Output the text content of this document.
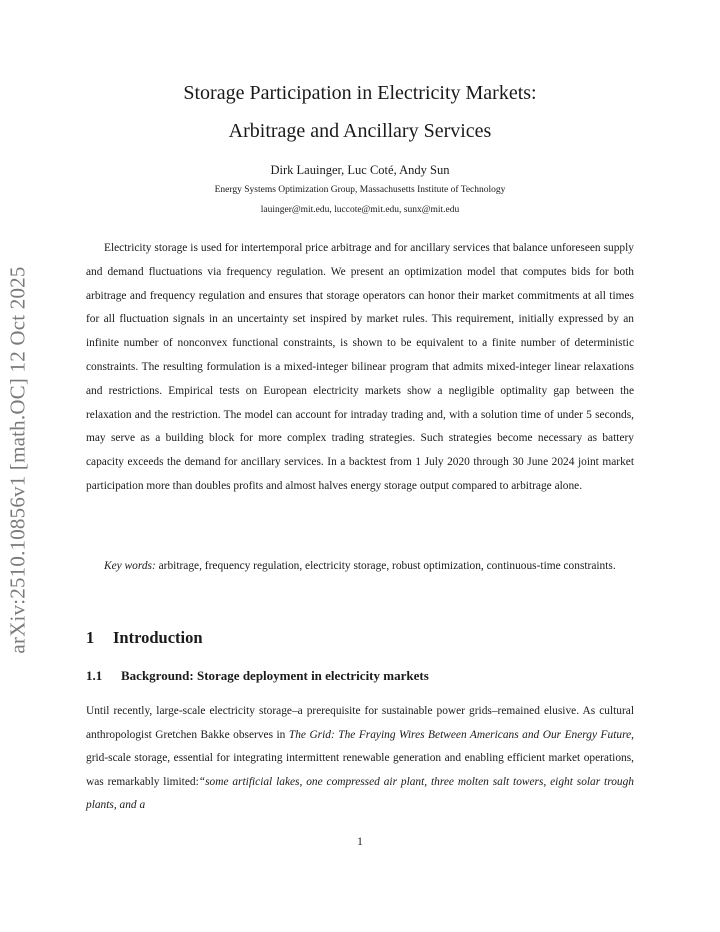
arXiv:2510.10856v1 [math.OC] 12 Oct 2025
Storage Participation in Electricity Markets:
Arbitrage and Ancillary Services
Dirk Lauinger, Luc Coté, Andy Sun
Energy Systems Optimization Group, Massachusetts Institute of Technology
lauinger@mit.edu, luccote@mit.edu, sunx@mit.edu

Electricity storage is used for intertemporal price arbitrage and for ancillary services that balance unforeseen supply and demand fluctuations via frequency regulation. We present an optimization model that computes bids for both arbitrage and frequency regulation and ensures that storage operators can honor their market commitments at all times for all fluctuation signals in an uncertainty set inspired by market rules. This requirement, initially expressed by an infinite number of nonconvex functional constraints, is shown to be equivalent to a finite number of deterministic constraints. The resulting formulation is a mixed-integer bilinear program that admits mixed-integer linear relaxations and restrictions. Empirical tests on European electricity markets show a negligible optimality gap between the relaxation and the restriction. The model can account for intraday trading and, with a solution time of under 5 seconds, may serve as a building block for more complex trading strategies. Such strategies become necessary as battery capacity exceeds the demand for ancillary services. In a backtest from 1 July 2020 through 30 June 2024 joint market participation more than doubles profits and almost halves energy storage output compared to arbitrage alone.

Key words: arbitrage, frequency regulation, electricity storage, robust optimization, continuous-time constraints.

1 Introduction
1.1 Background: Storage deployment in electricity markets

Until recently, large-scale electricity storage–a prerequisite for sustainable power grids–remained elusive. As cultural anthropologist Gretchen Bakke observes in The Grid: The Fraying Wires Between Americans and Our Energy Future, grid-scale storage, essential for integrating intermittent renewable generation and enabling efficient market operations, was remarkably limited:“some artificial lakes, one compressed air plant, three molten salt towers, eight solar trough plants, and a

1
